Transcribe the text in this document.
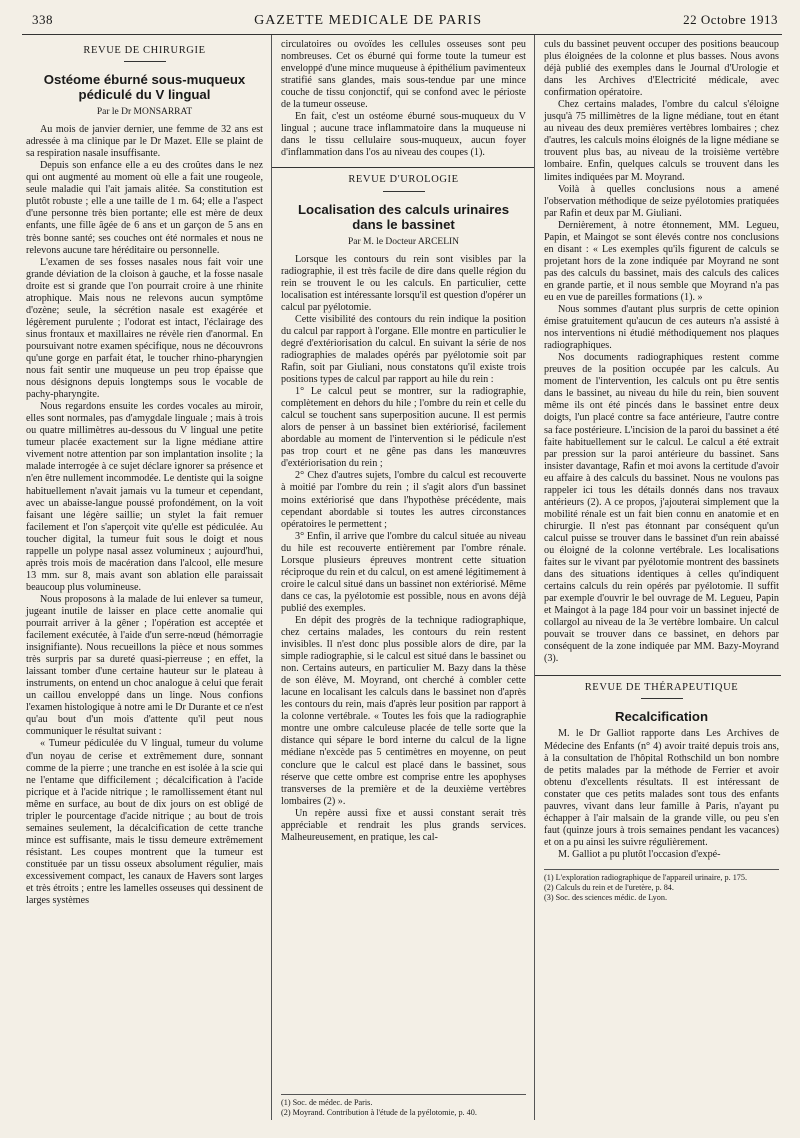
338	GAZETTE MEDICALE DE PARIS	22 Octobre 1913
REVUE DE CHIRURGIE
Ostéome éburné sous-muqueux pédiculé du V lingual
Par le Dr MONSARRAT

Au mois de janvier dernier, une femme de 32 ans est adressée à ma clinique par le Dr Mazet. Elle se plaint de sa respiration nasale insuffisante.

Depuis son enfance elle a eu des croûtes dans le nez qui ont augmenté au moment où elle a fait une rougeole, seule maladie qui l'ait jamais alitée. Sa constitution est plutôt robuste ; elle a une taille de 1 m. 64; elle a l'aspect d'une personne très bien portante; elle est mère de deux enfants, une fille âgée de 6 ans et un garçon de 5 ans en très bonne santé; ses couches ont été normales et nous ne relevons aucune tare héréditaire ou personnelle.

L'examen de ses fosses nasales nous fait voir une grande déviation de la cloison à gauche, et la fosse nasale droite est si grande que l'on pourrait croire à une rhinite atrophique. Mais nous ne relevons aucun symptôme d'ozène; seule, la sécrétion nasale est exagérée et légèrement purulente ; l'odorat est intact, l'éclairage des sinus frontaux et maxillaires ne révèle rien d'anormal. En poursuivant notre examen spécifique, nous ne découvrons qu'une gorge en parfait état, le toucher rhino-pharyngien nous fait sentir une muqueuse un peu trop épaisse que nous désignons depuis longtemps sous le vocable de pachy-pharyngite.

Nous regardons ensuite les cordes vocales au miroir, elles sont normales, pas d'amygdale linguale ; mais à trois ou quatre millimètres au-dessous du V lingual une petite tumeur placée exactement sur la ligne médiane attire vivement notre attention par son implantation insolite ; la malade interrogée à ce sujet déclare ignorer sa présence et n'en être nullement incommodée. Le dentiste qui la soigne habituellement n'avait jamais vu la tumeur et cependant, avec un abaisse-langue poussé profondément, on la voit faisant une légère saillie; un stylet la fait remuer facilement et l'on s'aperçoit vite qu'elle est pédiculée. Au toucher digital, la tumeur fuit sous le doigt et nous rappelle un polype nasal assez volumineux ; aujourd'hui, après trois mois de macération dans l'alcool, elle mesure 13 mm. sur 8, mais avant son ablation elle paraissait beaucoup plus volumineuse.

Nous proposons à la malade de lui enlever sa tumeur, jugeant inutile de laisser en place cette anomalie qui pourrait arriver à la gêner ; l'opération est acceptée et facilement exécutée, à l'aide d'un serre-nœud (hémorragie insignifiante). Nous recueillons la pièce et nous sommes très surpris par sa dureté quasi-pierreuse ; en effet, la laissant tomber d'une certaine hauteur sur le plateau à instruments, on entend un choc analogue à celui que ferait un caillou enveloppé dans un linge. Nous confions l'examen histologique à notre ami le Dr Durante et ce n'est qu'au bout d'un mois d'attente qu'il peut nous communiquer le résultat suivant :

« Tumeur pédiculée du V lingual, tumeur du volume d'un noyau de cerise et extrêmement dure, sonnant comme de la pierre ; une tranche en est isolée à la scie qui ne l'entame que difficilement ; décalcification à l'acide picrique et à l'acide nitrique ; le ramollissement étant nul même en surface, au bout de dix jours on est obligé de tripler le pourcentage d'acide nitrique ; au bout de trois semaines seulement, la décalcification de cette tranche mince est suffisante, mais le tissu demeure extrêmement résistant. Les coupes montrent que la tumeur est constituée par un tissu osseux absolument régulier, mais excessivement compact, les canaux de Havers sont larges et très étroits ; entre les lamelles osseuses qui dessinent de larges systèmes

circulatoires ou ovoïdes les cellules osseuses sont peu nombreuses. Cet os éburné qui forme toute la tumeur est enveloppé d'une mince muqueuse à épithélium pavimenteux stratifié sans glandes, mais sous-tendue par une mince couche de tissu conjonctif, qui se confond avec le périoste de la tumeur osseuse.

En fait, c'est un ostéome éburné sous-muqueux du V lingual ; aucune trace inflammatoire dans la muqueuse ni dans le tissu cellulaire sous-muqueux, aucun foyer d'inflammation dans l'os au niveau des coupes (1).

REVUE D'UROLOGIE
Localisation des calculs urinaires dans le bassinet
Par M. le Docteur ARCELIN

Lorsque les contours du rein sont visibles par la radiographie, il est très facile de dire dans quelle région du rein se trouvent le ou les calculs. En particulier, cette localisation est intéressante lorsqu'il est question d'opérer un calcul par pyélotomie.

Cette visibilité des contours du rein indique la position du calcul par rapport à l'organe. Elle montre en particulier le degré d'extériorisation du calcul. En suivant la série de nos radiographies de malades opérés par pyélotomie soit par Rafin, soit par Giuliani, nous constatons qu'il existe trois positions types de calcul par rapport au hile du rein :

1° Le calcul peut se montrer, sur la radiographie, complètement en dehors du hile ; l'ombre du rein et celle du calcul se touchent sans superposition aucune. Il est permis alors de penser à un bassinet bien extériorisé, facilement abordable au moment de l'intervention si le pédicule n'est pas trop court et ne gêne pas dans les manœuvres d'extériorisation du rein ;

2° Chez d'autres sujets, l'ombre du calcul est recouverte à moitié par l'ombre du rein ; il s'agit alors d'un bassinet moins extériorisé que dans l'hypothèse précédente, mais cependant abordable si toutes les autres circonstances opératoires le permettent ;

3° Enfin, il arrive que l'ombre du calcul située au niveau du hile est recouverte entièrement par l'ombre rénale. Lorsque plusieurs épreuves montrent cette situation réciproque du rein et du calcul, on est amené légitimement à croire le calcul situé dans un bassinet non extériorisé. Même dans ce cas, la pyélotomie est possible, nous en avons déjà publié des exemples.

En dépit des progrès de la technique radiographique, chez certains malades, les contours du rein restent invisibles. Il n'est donc plus possible alors de dire, par la simple radiographie, si le calcul est situé dans le bassinet ou non. Certains auteurs, en particulier M. Bazy dans la thèse de son élève, M. Moyrand, ont cherché à combler cette lacune en localisant les calculs dans le bassinet non d'après les contours du rein, mais d'après leur position par rapport à la colonne vertébrale. « Toutes les fois que la radiographie montre une ombre calculeuse placée de telle sorte que la distance qui sépare le bord interne du calcul de la ligne médiane n'excède pas 5 centimètres en moyenne, on peut conclure que le calcul est placé dans le bassinet, sous réserve que cette ombre est comprise entre les apophyses transverses de la première et de la deuxième vertèbres lombaires (2) ».

Un repère aussi fixe et aussi constant serait très appréciable et rendrait les plus grands services. Malheureusement, en pratique, les cal-

(1) Soc. de médec. de Paris.
(2) Moyrand. Contribution à l'étude de la pyélotomie, p. 40.

culs du bassinet peuvent occuper des positions beaucoup plus éloignées de la colonne et plus basses. Nous avons déjà publié des exemples dans le Journal d'Urologie et dans les Archives d'Electricité médicale, avec confirmation opératoire.

Chez certains malades, l'ombre du calcul s'éloigne jusqu'à 75 millimètres de la ligne médiane, tout en étant au niveau des deux premières vertèbres lombaires ; chez d'autres, les calculs moins éloignés de la ligne médiane se trouvent plus bas, au niveau de la troisième vertèbre lombaire. Enfin, quelques calculs se trouvent dans les limites indiquées par M. Moyrand.

Voilà à quelles conclusions nous a amené l'observation méthodique de seize pyélotomies pratiquées par Rafin et deux par M. Giuliani.

Dernièrement, à notre étonnement, MM. Legueu, Papin, et Maingot se sont élevés contre nos conclusions en disant : « Les exemples qu'ils figurent de calculs se projetant hors de la zone indiquée par Moyrand ne sont pas des calculs du bassinet, mais des calculs des calices en grande partie, et il nous semble que Moyrand n'a pas eu en vue de pareilles formations (1). »

Nous sommes d'autant plus surpris de cette opinion émise gratuitement qu'aucun de ces auteurs n'a assisté à nos interventions ni étudié méthodiquement nos plaques radiographiques.

Nos documents radiographiques restent comme preuves de la position occupée par les calculs. Au moment de l'intervention, les calculs ont pu être sentis dans le bassinet, au niveau du hile du rein, bien souvent même ils ont été pincés dans le bassinet entre deux doigts, l'un placé contre sa face antérieure, l'autre contre sa face postérieure. L'incision de la paroi du bassinet a été faite habituellement sur le calcul. Le calcul a été extrait par pression sur la paroi antérieure du bassinet. Sans insister davantage, Rafin et moi avons la certitude d'avoir eu affaire à des calculs du bassinet. Nous ne voulons pas rappeler ici tous les détails donnés dans nos travaux antérieurs (2). A ce propos, j'ajouterai simplement que la mobilité rénale est un fait bien connu en anatomie et en chirurgie. Il n'est pas étonnant par conséquent qu'un calcul puisse se trouver dans le bassinet d'un rein abaissé ou éloigné de la colonne vertébrale. Les localisations faites sur le vivant par pyélotomie montrent des bassinets dans des situations identiques à celles qu'indiquent certains calculs du rein opérés par pyélotomie. Il suffit par exemple d'ouvrir le bel ouvrage de M. Legueu, Papin et Maingot à la page 184 pour voir un bassinet injecté de collargol au niveau de la 3e vertèbre lombaire. Un calcul pouvait se trouver dans ce bassinet, en dehors par conséquent de la zone indiquée par MM. Bazy-Moyrand (3).

REVUE DE THÉRAPEUTIQUE
Recalcification

M. le Dr Galliot rapporte dans Les Archives de Médecine des Enfants (n° 4) avoir traité depuis trois ans, à la consultation de l'hôpital Rothschild un bon nombre de petits malades par la méthode de Ferrier et avoir obtenu d'excellents résultats. Il est intéressant de constater que ces petits malades sont tous des enfants pauvres, vivant dans leur famille à Paris, n'ayant pu échapper à l'air malsain de la grande ville, ou peu s'en faut (quinze jours à trois semaines pendant les vacances) et on a pu ainsi les suivre régulièrement.

M. Galliot a pu plutôt l'occasion d'expé-

(1) L'exploration radiographique de l'appareil urinaire, p. 175.
(2) Calculs du rein et de l'uretère, p. 84.
(3) Soc. des sciences médic. de Lyon.
